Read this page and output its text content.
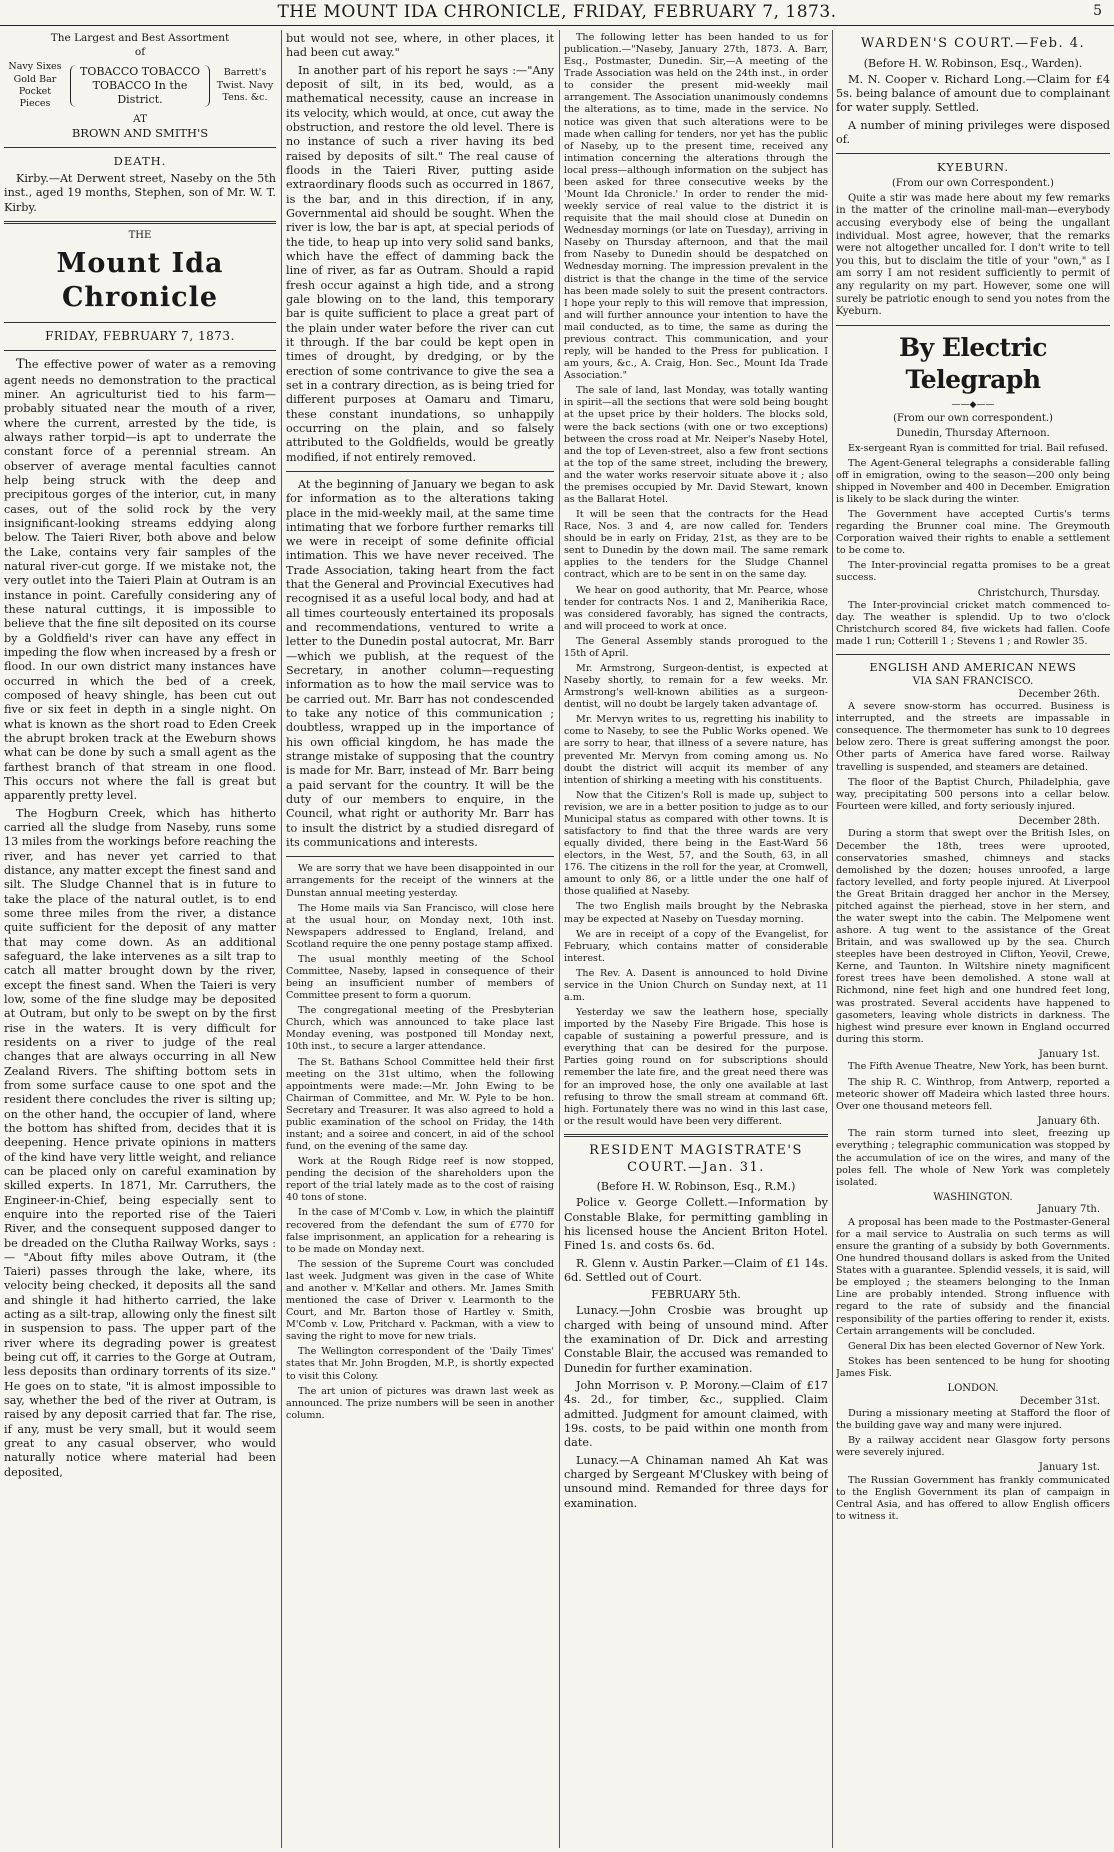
THE MOUNT IDA CHRONICLE, FRIDAY, FEBRUARY 7, 1873.	5
The Largest and Best Assortment
of
Navy Sixes Gold Bar Pocket Pieces
TOBACCO TOBACCO TOBACCO In the District.
Barrett's Twist. Navy Tens. &c.
AT
BROWN AND SMITH'S
DEATH.

Kirby.—At Derwent street, Naseby on the 5th inst., aged 19 months, Stephen, son of Mr. W. T. Kirby.

THE
Mount Ida Chronicle
FRIDAY, FEBRUARY 7, 1873.

The effective power of water as a removing agent needs no demonstration to the practical miner. An agriculturist tied to his farm—probably situated near the mouth of a river, where the current, arrested by the tide, is always rather torpid—is apt to underrate the constant force of a perennial stream. An observer of average mental faculties cannot help being struck with the deep and precipitous gorges of the interior, cut, in many cases, out of the solid rock by the very insignificant-looking streams eddying along below. The Taieri River, both above and below the Lake, contains very fair samples of the natural river-cut gorge. If we mistake not, the very outlet into the Taieri Plain at Outram is an instance in point. Carefully considering any of these natural cuttings, it is impossible to believe that the fine silt deposited on its course by a Goldfield's river can have any effect in impeding the flow when increased by a fresh or flood. In our own district many instances have occurred in which the bed of a creek, composed of heavy shingle, has been cut out five or six feet in depth in a single night. On what is known as the short road to Eden Creek the abrupt broken track at the Eweburn shows what can be done by such a small agent as the farthest branch of that stream in one flood. This occurs not where the fall is great but apparently pretty level.

The Hogburn Creek, which has hitherto carried all the sludge from Naseby, runs some 13 miles from the workings before reaching the river, and has never yet carried to that distance, any matter except the finest sand and silt. The Sludge Channel that is in future to take the place of the natural outlet, is to end some three miles from the river, a distance quite sufficient for the deposit of any matter that may come down. As an additional safeguard, the lake intervenes as a silt trap to catch all matter brought down by the river, except the finest sand. When the Taieri is very low, some of the fine sludge may be deposited at Outram, but only to be swept on by the first rise in the waters. It is very difficult for residents on a river to judge of the real changes that are always occurring in all New Zealand Rivers. The shifting bottom sets in from some surface cause to one spot and the resident there concludes the river is silting up; on the other hand, the occupier of land, where the bottom has shifted from, decides that it is deepening. Hence private opinions in matters of the kind have very little weight, and reliance can be placed only on careful examination by skilled experts. In 1871, Mr. Carruthers, the Engineer-in-Chief, being especially sent to enquire into the reported rise of the Taieri River, and the consequent supposed danger to be dreaded on the Clutha Railway Works, says :— "About fifty miles above Outram, it (the Taieri) passes through the lake, where, its velocity being checked, it deposits all the sand and shingle it had hitherto carried, the lake acting as a silt-trap, allowing only the finest silt in suspension to pass. The upper part of the river where its degrading power is greatest being cut off, it carries to the Gorge at Outram, less deposits than ordinary torrents of its size." He goes on to state, "it is almost impossible to say, whether the bed of the river at Outram, is raised by any deposit carried that far. The rise, if any, must be very small, but it would seem great to any casual observer, who would naturally notice where material had been deposited,

but would not see, where, in other places, it had been cut away."

In another part of his report he says :—"Any deposit of silt, in its bed, would, as a mathematical necessity, cause an increase in its velocity, which would, at once, cut away the obstruction, and restore the old level. There is no instance of such a river having its bed raised by deposits of silt." The real cause of floods in the Taieri River, putting aside extraordinary floods such as occurred in 1867, is the bar, and in this direction, if in any, Governmental aid should be sought. When the river is low, the bar is apt, at special periods of the tide, to heap up into very solid sand banks, which have the effect of damming back the line of river, as far as Outram. Should a rapid fresh occur against a high tide, and a strong gale blowing on to the land, this temporary bar is quite sufficient to place a great part of the plain under water before the river can cut it through. If the bar could be kept open in times of drought, by dredging, or by the erection of some contrivance to give the sea a set in a contrary direction, as is being tried for different purposes at Oamaru and Timaru, these constant inundations, so unhappily occurring on the plain, and so falsely attributed to the Goldfields, would be greatly modified, if not entirely removed.

At the beginning of January we began to ask for information as to the alterations taking place in the mid-weekly mail, at the same time intimating that we forbore further remarks till we were in receipt of some definite official intimation. This we have never received. The Trade Association, taking heart from the fact that the General and Provincial Executives had recognised it as a useful local body, and had at all times courteously entertained its proposals and recommendations, ventured to write a letter to the Dunedin postal autocrat, Mr. Barr—which we publish, at the request of the Secretary, in another column—requesting information as to how the mail service was to be carried out. Mr. Barr has not condescended to take any notice of this communication ; doubtless, wrapped up in the importance of his own official kingdom, he has made the strange mistake of supposing that the country is made for Mr. Barr, instead of Mr. Barr being a paid servant for the country. It will be the duty of our members to enquire, in the Council, what right or authority Mr. Barr has to insult the district by a studied disregard of its communications and interests.

We are sorry that we have been disappointed in our arrangements for the receipt of the winners at the Dunstan annual meeting yesterday.

The Home mails via San Francisco, will close here at the usual hour, on Monday next, 10th inst. Newspapers addressed to England, Ireland, and Scotland require the one penny postage stamp affixed.

The usual monthly meeting of the School Committee, Naseby, lapsed in consequence of their being an insufficient number of members of Committee present to form a quorum.

The congregational meeting of the Presbyterian Church, which was announced to take place last Monday evening, was postponed till Monday next, 10th inst., to secure a larger attendance.

The St. Bathans School Committee held their first meeting on the 31st ultimo, when the following appointments were made:—Mr. John Ewing to be Chairman of Committee, and Mr. W. Pyle to be hon. Secretary and Treasurer. It was also agreed to hold a public examination of the school on Friday, the 14th instant; and a soiree and concert, in aid of the school fund, on the evening of the same day.

Work at the Rough Ridge reef is now stopped, pending the decision of the shareholders upon the report of the trial lately made as to the cost of raising 40 tons of stone.

In the case of M'Comb v. Low, in which the plaintiff recovered from the defendant the sum of £770 for false imprisonment, an application for a rehearing is to be made on Monday next.

The session of the Supreme Court was concluded last week. Judgment was given in the case of White and another v. M'Kellar and others. Mr. James Smith mentioned the case of Driver v. Learmonth to the Court, and Mr. Barton those of Hartley v. Smith, M'Comb v. Low, Pritchard v. Packman, with a view to saving the right to move for new trials.

The Wellington correspondent of the 'Daily Times' states that Mr. John Brogden, M.P., is shortly expected to visit this Colony.

The art union of pictures was drawn last week as announced. The prize numbers will be seen in another column.

The following letter has been handed to us for publication.—"Naseby, January 27th, 1873. A. Barr, Esq., Postmaster, Dunedin. Sir,—A meeting of the Trade Association was held on the 24th inst., in order to consider the present mid-weekly mail arrangement. The Association unanimously condemns the alterations, as to time, made in the service. No notice was given that such alterations were to be made when calling for tenders, nor yet has the public of Naseby, up to the present time, received any intimation concerning the alterations through the local press—although information on the subject has been asked for three consecutive weeks by the 'Mount Ida Chronicle.' In order to render the mid-weekly service of real value to the district it is requisite that the mail should close at Dunedin on Wednesday mornings (or late on Tuesday), arriving in Naseby on Thursday afternoon, and that the mail from Naseby to Dunedin should be despatched on Wednesday morning. The impression prevalent in the district is that the change in the time of the service has been made solely to suit the present contractors. I hope your reply to this will remove that impression, and will further announce your intention to have the mail conducted, as to time, the same as during the previous contract. This communication, and your reply, will be handed to the Press for publication. I am yours, &c., A. Craig, Hon. Sec., Mount Ida Trade Association."

The sale of land, last Monday, was totally wanting in spirit—all the sections that were sold being bought at the upset price by their holders. The blocks sold, were the back sections (with one or two exceptions) between the cross road at Mr. Neiper's Naseby Hotel, and the top of Leven-street, also a few front sections at the top of the same street, including the brewery, and the water works reservoir situate above it ; also the premises occupied by Mr. David Stewart, known as the Ballarat Hotel.

It will be seen that the contracts for the Head Race, Nos. 3 and 4, are now called for. Tenders should be in early on Friday, 21st, as they are to be sent to Dunedin by the down mail. The same remark applies to the tenders for the Sludge Channel contract, which are to be sent in on the same day.

We hear on good authority, that Mr. Pearce, whose tender for contracts Nos. 1 and 2, Maniherikia Race, was considered favorably, has signed the contracts, and will proceed to work at once.

The General Assembly stands prorogued to the 15th of April.

Mr. Armstrong, Surgeon-dentist, is expected at Naseby shortly, to remain for a few weeks. Mr. Armstrong's well-known abilities as a surgeon-dentist, will no doubt be largely taken advantage of.

Mr. Mervyn writes to us, regretting his inability to come to Naseby, to see the Public Works opened. We are sorry to hear, that illness of a severe nature, has prevented Mr. Mervyn from coming among us. No doubt the district will acquit its member of any intention of shirking a meeting with his constituents.

Now that the Citizen's Roll is made up, subject to revision, we are in a better position to judge as to our Municipal status as compared with other towns. It is satisfactory to find that the three wards are very equally divided, there being in the East-Ward 56 electors, in the West, 57, and the South, 63, in all 176. The citizens in the roll for the year, at Cromwell, amount to only 86, or a little under the one half of those qualified at Naseby.

The two English mails brought by the Nebraska may be expected at Naseby on Tuesday morning.

We are in receipt of a copy of the Evangelist, for February, which contains matter of considerable interest.

The Rev. A. Dasent is announced to hold Divine service in the Union Church on Sunday next, at 11 a.m.

Yesterday we saw the leathern hose, specially imported by the Naseby Fire Brigade. This hose is capable of sustaining a powerful pressure, and is everything that can be desired for the purpose. Parties going round on for subscriptions should remember the late fire, and the great need there was for an improved hose, the only one available at last refusing to throw the small stream at command 6ft. high. Fortunately there was no wind in this last case, or the result would have been very different.

RESIDENT MAGISTRATE'S COURT.—Jan. 31.
(Before H. W. Robinson, Esq., R.M.)

Police v. George Collett.—Information by Constable Blake, for permitting gambling in his licensed house the Ancient Briton Hotel. Fined 1s. and costs 6s. 6d.

R. Glenn v. Austin Parker.—Claim of £1 14s. 6d. Settled out of Court.

FEBRUARY 5th.

Lunacy.—John Crosbie was brought up charged with being of unsound mind. After the examination of Dr. Dick and arresting Constable Blair, the accused was remanded to Dunedin for further examination.

John Morrison v. P. Morony.—Claim of £17 4s. 2d., for timber, &c., supplied. Claim admitted. Judgment for amount claimed, with 19s. costs, to be paid within one month from date.

Lunacy.—A Chinaman named Ah Kat was charged by Sergeant M'Cluskey with being of unsound mind. Remanded for three days for examination.

WARDEN'S COURT.—Feb. 4.
(Before H. W. Robinson, Esq., Warden).

M. N. Cooper v. Richard Long.—Claim for £4 5s. being balance of amount due to complainant for water supply. Settled.

A number of mining privileges were disposed of.

KYEBURN.
(From our own Correspondent.)

Quite a stir was made here about my few remarks in the matter of the crinoline mail-man—everybody accusing everybody else of being the ungallant individual. Most agree, however, that the remarks were not altogether uncalled for. I don't write to tell you this, but to disclaim the title of your "own," as I am sorry I am not resident sufficiently to permit of any regularity on my part. However, some one will surely be patriotic enough to send you notes from the Kyeburn.

By Electric Telegraph
——◆——
(From our own correspondent.)
Dunedin, Thursday Afternoon.

Ex-sergeant Ryan is committed for trial. Bail refused.

The Agent-General telegraphs a considerable falling off in emigration, owing to the season—200 only being shipped in November and 400 in December. Emigration is likely to be slack during the winter.

The Government have accepted Curtis's terms regarding the Brunner coal mine. The Greymouth Corporation waived their rights to enable a settlement to be come to.

The Inter-provincial regatta promises to be a great success.

Christchurch, Thursday.

The Inter-provincial cricket match commenced to-day. The weather is splendid. Up to two o'clock Christchurch scored 84, five wickets had fallen. Coofe made 1 run; Cotterill 1 ; Stevens 1 ; and Rowler 35.

ENGLISH AND AMERICAN NEWS
VIA SAN FRANCISCO.
December 26th.

A severe snow-storm has occurred. Business is interrupted, and the streets are impassable in consequence. The thermometer has sunk to 10 degrees below zero. There is great suffering amongst the poor. Other parts of America have fared worse. Railway travelling is suspended, and steamers are detained.

The floor of the Baptist Church, Philadelphia, gave way, precipitating 500 persons into a cellar below. Fourteen were killed, and forty seriously injured.

December 28th.

During a storm that swept over the British Isles, on December the 18th, trees were uprooted, conservatories smashed, chimneys and stacks demolished by the dozen; houses unroofed, a large factory levelled, and forty people injured. At Liverpool the Great Britain dragged her anchor in the Mersey, pitched against the pierhead, stove in her stern, and the water swept into the cabin. The Melpomene went ashore. A tug went to the assistance of the Great Britain, and was swallowed up by the sea. Church steeples have been destroyed in Clifton, Yeovil, Crewe, Kerne, and Taunton. In Wiltshire ninety magnificent forest trees have been demolished. A stone wall at Richmond, nine feet high and one hundred feet long, was prostrated. Several accidents have happened to gasometers, leaving whole districts in darkness. The highest wind presure ever known in England occurred during this storm.

January 1st.

The Fifth Avenue Theatre, New York, has been burnt.

The ship R. C. Winthrop, from Antwerp, reported a meteoric shower off Madeira which lasted three hours. Over one thousand meteors fell.

January 6th.

The rain storm turned into sleet, freezing up everything ; telegraphic communication was stopped by the accumulation of ice on the wires, and many of the poles fell. The whole of New York was completely isolated.

WASHINGTON.
January 7th.

A proposal has been made to the Postmaster-General for a mail service to Australia on such terms as will ensure the granting of a subsidy by both Governments. One hundred thousand dollars is asked from the United States with a guarantee. Splendid vessels, it is said, will be employed ; the steamers belonging to the Inman Line are probably intended. Strong influence with regard to the rate of subsidy and the financial responsibility of the parties offering to render it, exists. Certain arrangements will be concluded.

General Dix has been elected Governor of New York.

Stokes has been sentenced to be hung for shooting James Fisk.

LONDON.
December 31st.

During a missionary meeting at Stafford the floor of the building gave way and many were injured.

By a railway accident near Glasgow forty persons were severely injured.

January 1st.

The Russian Government has frankly communicated to the English Government its plan of campaign in Central Asia, and has offered to allow English officers to witness it.
